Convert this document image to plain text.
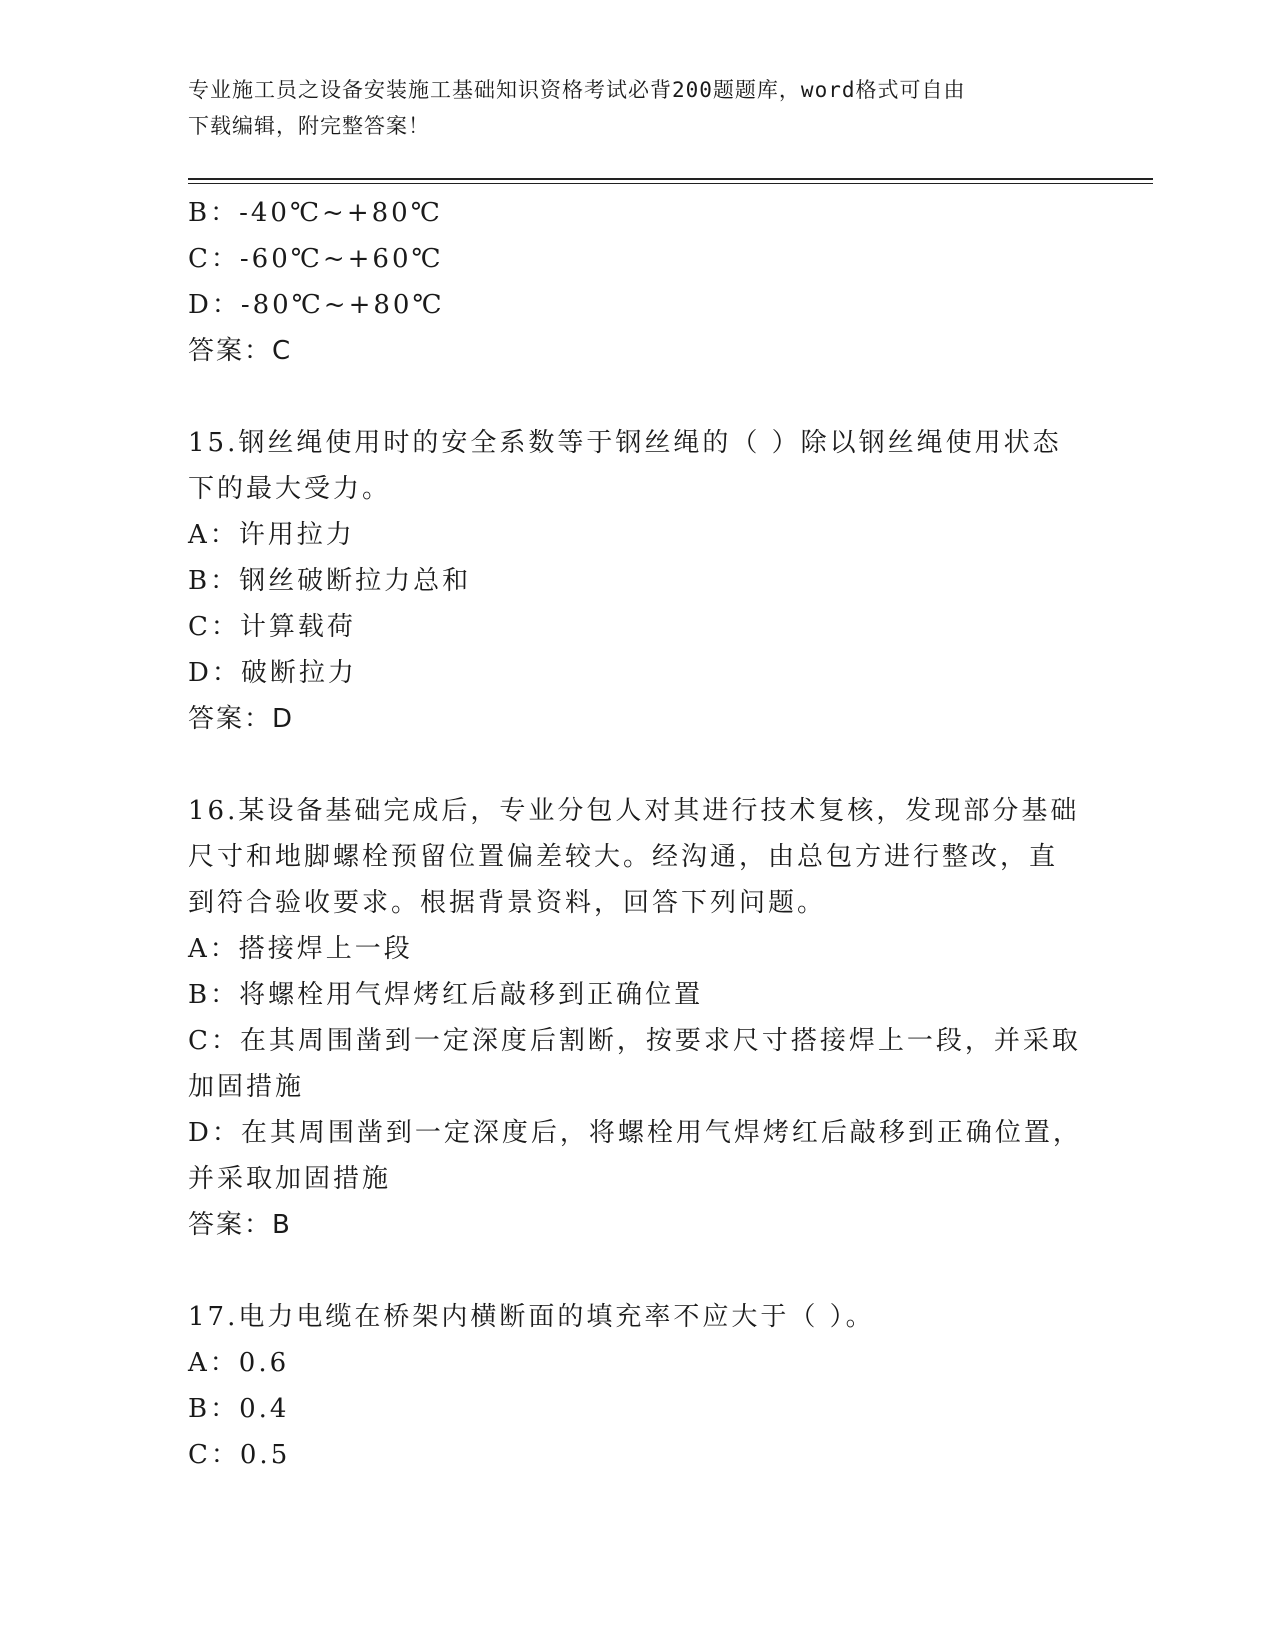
专业施工员之设备安装施工基础知识资格考试必背200题题库，word格式可自由
下载编辑，附完整答案！
B：-40℃~+80℃
C：-60℃~+60℃
D：-80℃~+80℃
答案：C
15.钢丝绳使用时的安全系数等于钢丝绳的（ ）除以钢丝绳使用状态
下的最大受力。
A：许用拉力
B：钢丝破断拉力总和
C：计算载荷
D：破断拉力
答案：D
16.某设备基础完成后，专业分包人对其进行技术复核，发现部分基础
尺寸和地脚螺栓预留位置偏差较大。经沟通，由总包方进行整改，直
到符合验收要求。根据背景资料，回答下列问题。
A：搭接焊上一段
B：将螺栓用气焊烤红后敲移到正确位置
C：在其周围凿到一定深度后割断，按要求尺寸搭接焊上一段，并采取
加固措施
D：在其周围凿到一定深度后，将螺栓用气焊烤红后敲移到正确位置，
并采取加固措施
答案：B
17.电力电缆在桥架内横断面的填充率不应大于（ ）。
A：0.6
B：0.4
C：0.5
